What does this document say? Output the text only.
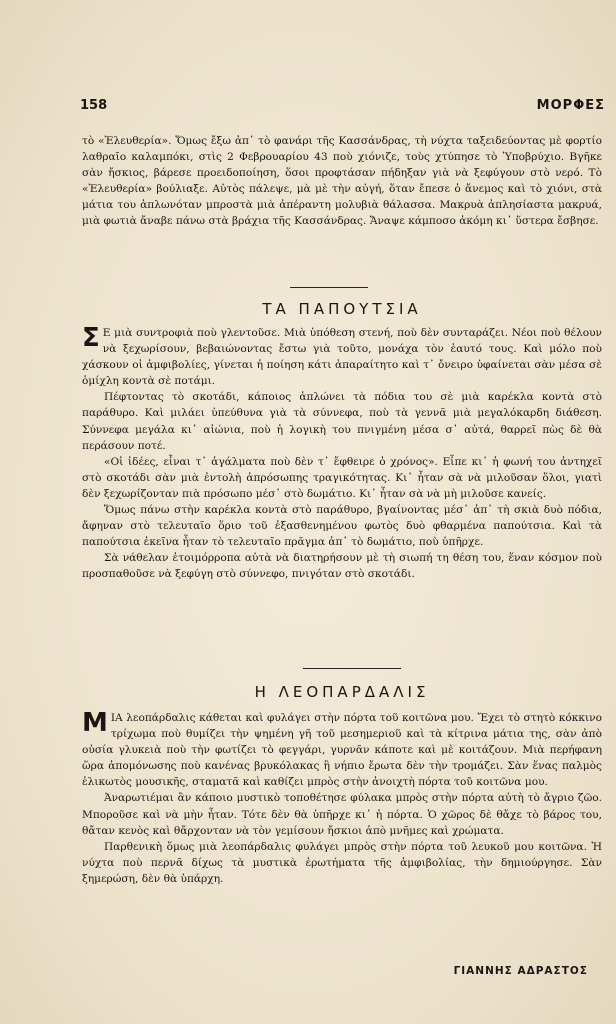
158	ΜΟΡΦΕΣ

τὸ «Ἐλευθερία». Ὅμως ἔξω ἀπ᾽ τὸ φανάρι τῆς Κασσάνδρας, τὴ νύχτα ταξειδεύοντας μὲ φορτίο λαθραῖο καλαμπόκι, στὶς 2 Φεβρουαρίου 43 ποὺ χιόνιζε, τοὺς χτύπησε τὸ Ὑποβρύχιο. Βγῆκε σὰν ἤσκιος, βάρεσε προειδοποίηση, ὅσοι προφτάσαν πήδηξαν γιὰ νὰ ξεφύγουν στὸ νερό. Τὸ «Ἐλευθερία» βούλιαξε. Αὐτὸς πάλεψε, μὰ μὲ τὴν αὐγή, ὅταν ἔπεσε ὁ ἄνεμος καὶ τὸ χιόνι, στὰ μάτια του ἁπλωνόταν μπροστὰ μιὰ ἀπέραντη μολυβιὰ θάλασσα. Μακρυὰ ἀπλησίαστα μακρυά, μιὰ φωτιὰ ἄναβε πάνω στὰ βράχια τῆς Κασσάνδρας. Ἄναψε κάμποσο ἀκόμη κι᾽ ὕστερα ἔσβησε.

ΤΑ ΠΑΠΟΥΤΣΙΑ

Σ Ε μιὰ συντροφιὰ ποὺ γλεντοῦσε. Μιὰ ὑπόθεση στενή, ποὺ δὲν συνταράζει. Νέοι ποὺ θέλουν νὰ ξεχωρίσουν, βεβαιώνοντας ἔστω γιὰ τοῦτο, μονάχα τὸν ἑαυτό τους. Καὶ μόλο ποὺ χάσκουν οἱ ἀμφιβολίες, γίνεται ἡ ποίηση κάτι ἀπαραίτητο καὶ τ᾽ ὄνειρο ὑφαίνεται σὰν μέσα σὲ ὁμίχλη κοντὰ σὲ ποτάμι.

Πέφτοντας τὸ σκοτάδι, κάποιος ἁπλώνει τὰ πόδια του σὲ μιὰ καρέκλα κοντὰ στὸ παράθυρο. Καὶ μιλάει ὑπεύθυνα γιὰ τὰ σύννεφα, ποὺ τὰ γεννᾶ μιὰ μεγαλόκαρδη διάθεση. Σύννεφα μεγάλα κι᾽ αἰώνια, ποὺ ἡ λογικὴ του πνιγμένη μέσα σ᾽ αὐτά, θαρρεῖ πὼς δὲ θὰ περάσουν ποτέ.

«Οἱ ἰδέες, εἶναι τ᾽ ἀγάλματα ποὺ δὲν τ᾽ ἔφθειρε ὁ χρόνος». Εἶπε κι᾽ ἡ φωνή του ἀντηχεῖ στὸ σκοτάδι σὰν μιὰ ἐντολὴ ἀπρόσωπης τραγικότητας. Κι᾽ ἦταν σὰ νὰ μιλοῦσαν ὅλοι, γιατὶ δὲν ξεχωρίζονταν πιὰ πρόσωπο μέσ᾽ στὸ δωμάτιο. Κι᾽ ἦταν σὰ νὰ μὴ μιλοῦσε κανείς.

Ὅμως πάνω στὴν καρέκλα κοντὰ στὸ παράθυρο, βγαίνοντας μέσ᾽ ἀπ᾽ τὴ σκιὰ δυὸ πόδια, ἄφηναν στὸ τελευταῖο ὅριο τοῦ ἐξασθενημένου φωτὸς δυὸ φθαρμένα παπούτσια. Καὶ τὰ παπούτσια ἐκεῖνα ἦταν τὸ τελευταῖο πρᾶγμα ἀπ᾽ τὸ δωμάτιο, ποὺ ὑπῆρχε.

Σὰ νάθελαν ἑτοιμόρροπα αὐτὰ νὰ διατηρήσουν μὲ τὴ σιωπή τη θέση του, ἕναν κόσμον ποὺ προσπαθοῦσε νὰ ξεφύγη στὸ σύννεφο, πνιγόταν στὸ σκοτάδι.

Η ΛΕΟΠΑΡΔΑΛΙΣ

ΜΙΑ λεοπάρδαλις κάθεται καὶ φυλάγει στὴν πόρτα τοῦ κοιτῶνα μου. Ἔχει τὸ στητὸ κόκκινο τρίχωμα ποὺ θυμίζει τὴν ψημένη γῆ τοῦ μεσημεριοῦ καὶ τὰ κίτρινα μάτια της, σὰν ἀπὸ οὐσία γλυκειὰ ποὺ τὴν φωτίζει τὸ φεγγάρι, γυρνᾶν κάποτε καὶ μὲ κοιτάζουν. Μιὰ περήφανη ὥρα ἀπομόνωσης ποὺ κανένας βρυκόλακας ἢ νήπιο ἔρωτα δὲν τὴν τρομάζει. Σὰν ἕνας παλμὸς ἐλικωτὸς μουσικῆς, σταματᾶ καὶ καθίζει μπρὸς στὴν ἀνοιχτὴ πόρτα τοῦ κοιτῶνα μου.

Ἀναρωτιέμαι ἂν κάποιο μυστικὸ τοποθέτησε φύλακα μπρὸς στὴν πόρτα αὐτὴ τὸ ἄγριο ζῶο. Μποροῦσε καὶ νὰ μὴν ἦταν. Τότε δὲν θὰ ὑπῆρχε κι᾽ ἡ πόρτα. Ὁ χῶρος δὲ θἄχε τὸ βάρος του, θἄταν κενὸς καὶ θἄρχονταν νὰ τὸν γεμίσουν ἤσκιοι ἀπὸ μνῆμες καὶ χρώματα.

Παρθενικὴ ὅμως μιὰ λεοπάρδαλις φυλάγει μπρὸς στὴν πόρτα τοῦ λευκοῦ μου κοιτῶνα. Ἡ νύχτα ποὺ περνᾶ δίχως τὰ μυστικὰ ἐρωτήματα τῆς ἀμφιβολίας, τὴν δημιούργησε. Σὰν ξημερώση, δὲν θὰ ὑπάρχη.

ΓΙΑΝΝΗΣ ΑΔΡΑΣΤΟΣ
